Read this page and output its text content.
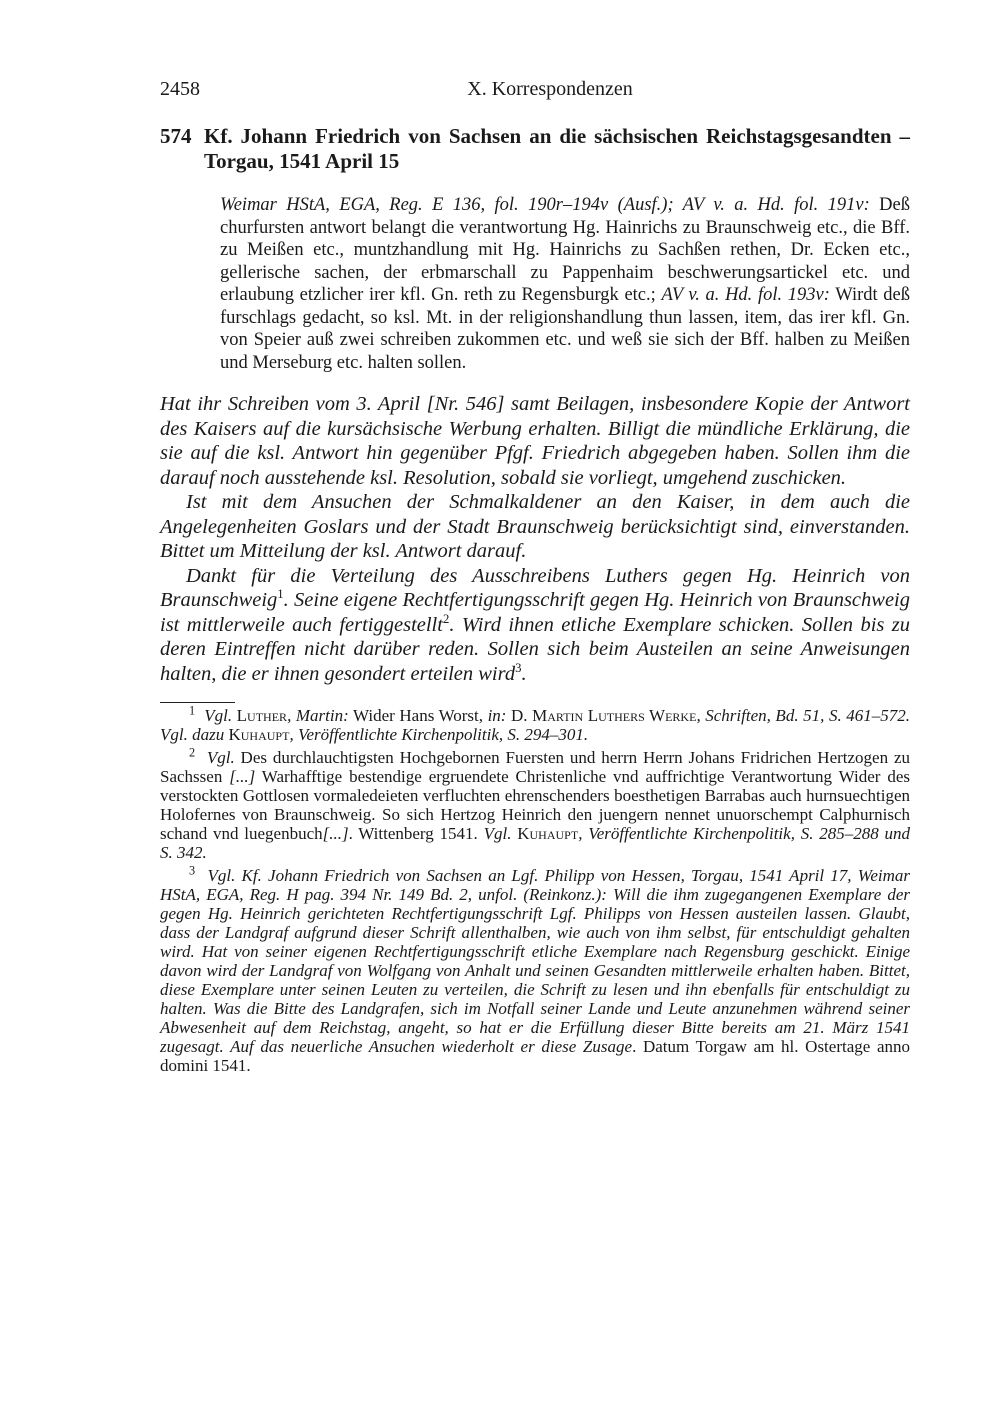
2458	X. Korrespondenzen
574 Kf. Johann Friedrich von Sachsen an die sächsischen Reichstagsgesandten – Torgau, 1541 April 15
Weimar HStA, EGA, Reg. E 136, fol. 190r–194v (Ausf.); AV v. a. Hd. fol. 191v: Deß churfursten antwort belangt die verantwortung Hg. Hainrichs zu Braunschweig etc., die Bff. zu Meißen etc., muntzhandlung mit Hg. Hainrichs zu Sachßen rethen, Dr. Ecken etc., gellerische sachen, der erbmarschall zu Pappenhaim beschwerungsartickel etc. und erlaubung etzlicher irer kfl. Gn. reth zu Regensburgk etc.; AV v. a. Hd. fol. 193v: Wirdt deß furschlags gedacht, so ksl. Mt. in der religionshandlung thun lassen, item, das irer kfl. Gn. von Speier auß zwei schreiben zukommen etc. und weß sie sich der Bff. halben zu Meißen und Merseburg etc. halten sollen.

Hat ihr Schreiben vom 3. April [Nr. 546] samt Beilagen, insbesondere Kopie der Antwort des Kaisers auf die kursächsische Werbung erhalten. Billigt die mündliche Erklärung, die sie auf die ksl. Antwort hin gegenüber Pfgf. Friedrich abgegeben haben. Sollen ihm die darauf noch ausstehende ksl. Resolution, sobald sie vorliegt, umgehend zuschicken.

Ist mit dem Ansuchen der Schmalkaldener an den Kaiser, in dem auch die Angelegenheiten Goslars und der Stadt Braunschweig berücksichtigt sind, einverstanden. Bittet um Mitteilung der ksl. Antwort darauf.

Dankt für die Verteilung des Ausschreibens Luthers gegen Hg. Heinrich von Braunschweig$^1$. Seine eigene Rechtfertigungsschrift gegen Hg. Heinrich von Braunschweig ist mittlerweile auch fertiggestellt$^2$. Wird ihnen etliche Exemplare schicken. Sollen bis zu deren Eintreffen nicht darüber reden. Sollen sich beim Austeilen an seine Anweisungen halten, die er ihnen gesondert erteilen wird$^3$.

$^1$ Vgl. Luther, Martin: Wider Hans Worst, in: D. Martin Luthers Werke, Schriften, Bd. 51, S. 461–572. Vgl. dazu Kuhaupt, Veröffentlichte Kirchenpolitik, S. 294–301.

$^2$ Vgl. Des durchlauchtigsten Hochgebornen Fuersten und herrn Herrn Johans Fridrichen Hertzogen zu Sachssen [...] Warhafftige bestendige ergruendete Christenliche vnd auffrichtige Verantwortung Wider des verstockten Gottlosen vormaledeieten verfluchten ehrenschenders boesthetigen Barrabas auch hurnsuechtigen Holofernes von Braunschweig. So sich Hertzog Heinrich den juengern nennet unuorschempt Calphurnisch schand vnd luegenbuch[...]. Wittenberg 1541. Vgl. Kuhaupt, Veröffentlichte Kirchenpolitik, S. 285–288 und S. 342.

$^3$ Vgl. Kf. Johann Friedrich von Sachsen an Lgf. Philipp von Hessen, Torgau, 1541 April 17, Weimar HStA, EGA, Reg. H pag. 394 Nr. 149 Bd. 2, unfol. (Reinkonz.): Will die ihm zugegangenen Exemplare der gegen Hg. Heinrich gerichteten Rechtfertigungsschrift Lgf. Philipps von Hessen austeilen lassen. Glaubt, dass der Landgraf aufgrund dieser Schrift allenthalben, wie auch von ihm selbst, für entschuldigt gehalten wird. Hat von seiner eigenen Rechtfertigungsschrift etliche Exemplare nach Regensburg geschickt. Einige davon wird der Landgraf von Wolfgang von Anhalt und seinen Gesandten mittlerweile erhalten haben. Bittet, diese Exemplare unter seinen Leuten zu verteilen, die Schrift zu lesen und ihn ebenfalls für entschuldigt zu halten. Was die Bitte des Landgrafen, sich im Notfall seiner Lande und Leute anzunehmen während seiner Abwesenheit auf dem Reichstag, angeht, so hat er die Erfüllung dieser Bitte bereits am 21. März 1541 zugesagt. Auf das neuerliche Ansuchen wiederholt er diese Zusage. Datum Torgaw am hl. Ostertage anno domini 1541.
